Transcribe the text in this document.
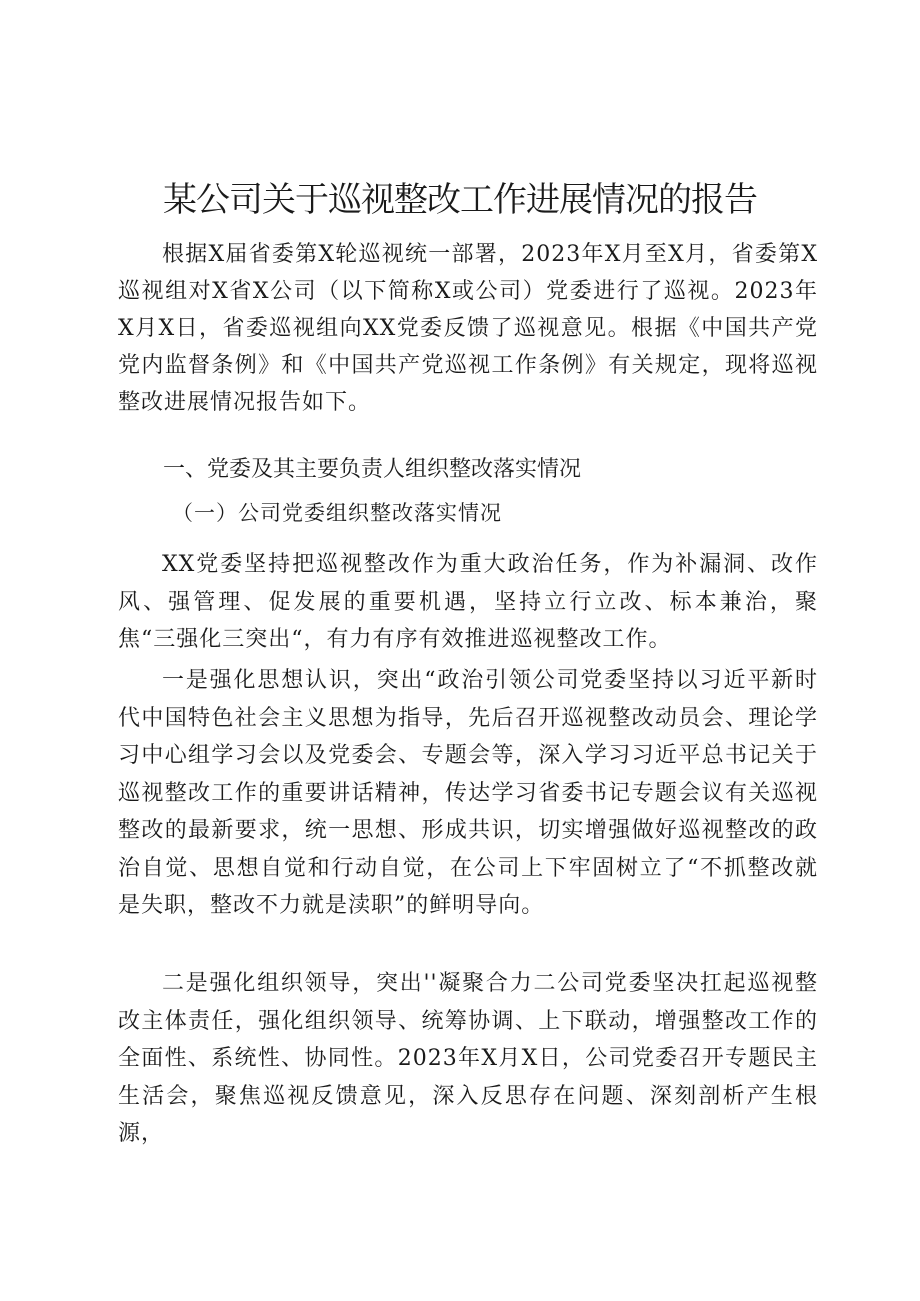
某公司关于巡视整改工作进展情况的报告

根据X届省委第X轮巡视统一部署，2023年X月至X月，省委第X巡视组对X省X公司（以下简称X或公司）党委进行了巡视。2023年X月X日，省委巡视组向XX党委反馈了巡视意见。根据《中国共产党党内监督条例》和《中国共产党巡视工作条例》有关规定，现将巡视整改进展情况报告如下。

一、党委及其主要负责人组织整改落实情况
（一）公司党委组织整改落实情况

XX党委坚持把巡视整改作为重大政治任务，作为补漏洞、改作风、强管理、促发展的重要机遇，坚持立行立改、标本兼治，聚焦“三强化三突出“，有力有序有效推进巡视整改工作。

一是强化思想认识，突出“政治引领公司党委坚持以习近平新时代中国特色社会主义思想为指导，先后召开巡视整改动员会、理论学习中心组学习会以及党委会、专题会等，深入学习习近平总书记关于巡视整改工作的重要讲话精神，传达学习省委书记专题会议有关巡视整改的最新要求，统一思想、形成共识，切实增强做好巡视整改的政治自觉、思想自觉和行动自觉，在公司上下牢固树立了“不抓整改就是失职，整改不力就是渎职”的鲜明导向。

二是强化组织领导，突出''凝聚合力二公司党委坚决扛起巡视整改主体责任，强化组织领导、统筹协调、上下联动，增强整改工作的全面性、系统性、协同性。2023年X月X日，公司党委召开专题民主生活会，聚焦巡视反馈意见，深入反思存在问题、深刻剖析产生根源，
